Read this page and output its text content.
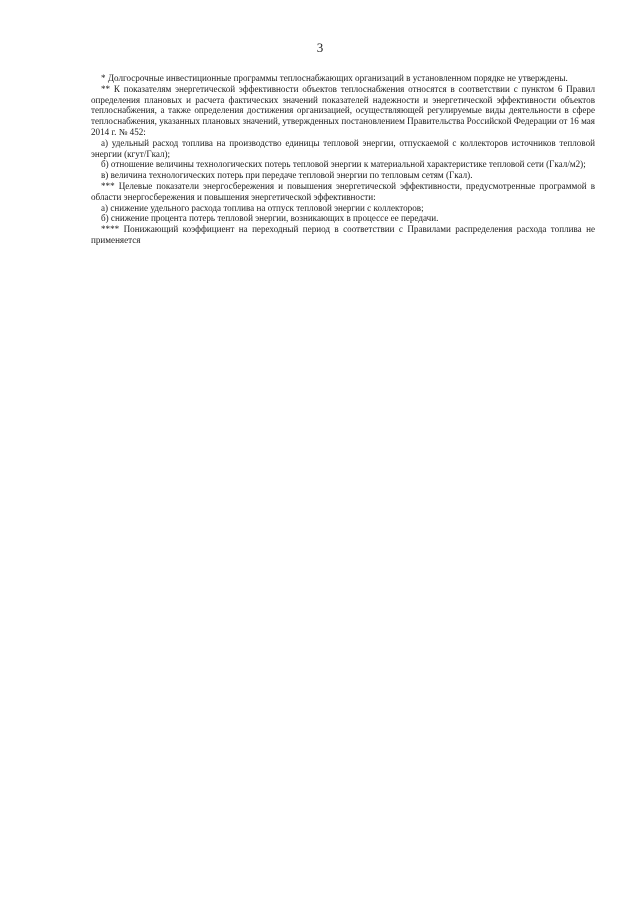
3

* Долгосрочные инвестиционные программы теплоснабжающих организаций в установленном порядке не утверждены.

** К показателям энергетической эффективности объектов теплоснабжения относятся в соответствии с пунктом 6 Правил определения плановых и расчета фактических значений показателей надежности и энергетической эффективности объектов теплоснабжения, а также определения достижения организацией, осуществляющей регулируемые виды деятельности в сфере теплоснабжения, указанных плановых значений, утвержденных постановлением Правительства Российской Федерации от 16 мая 2014 г. № 452:

а) удельный расход топлива на производство единицы тепловой энергии, отпускаемой с коллекторов источников тепловой энергии (кгут/Гкал);

б) отношение величины технологических потерь тепловой энергии к материальной характеристике тепловой сети (Гкал/м2);

в) величина технологических потерь при передаче тепловой энергии по тепловым сетям (Гкал).

*** Целевые показатели энергосбережения и повышения энергетической эффективности, предусмотренные программой в области энергосбережения и повышения энергетической эффективности:

а) снижение удельного расхода топлива на отпуск тепловой энергии с коллекторов;

б) снижение процента потерь тепловой энергии, возникающих в процессе ее передачи.

**** Понижающий коэффициент на переходный период в соответствии с Правилами распределения расхода топлива не применяется
